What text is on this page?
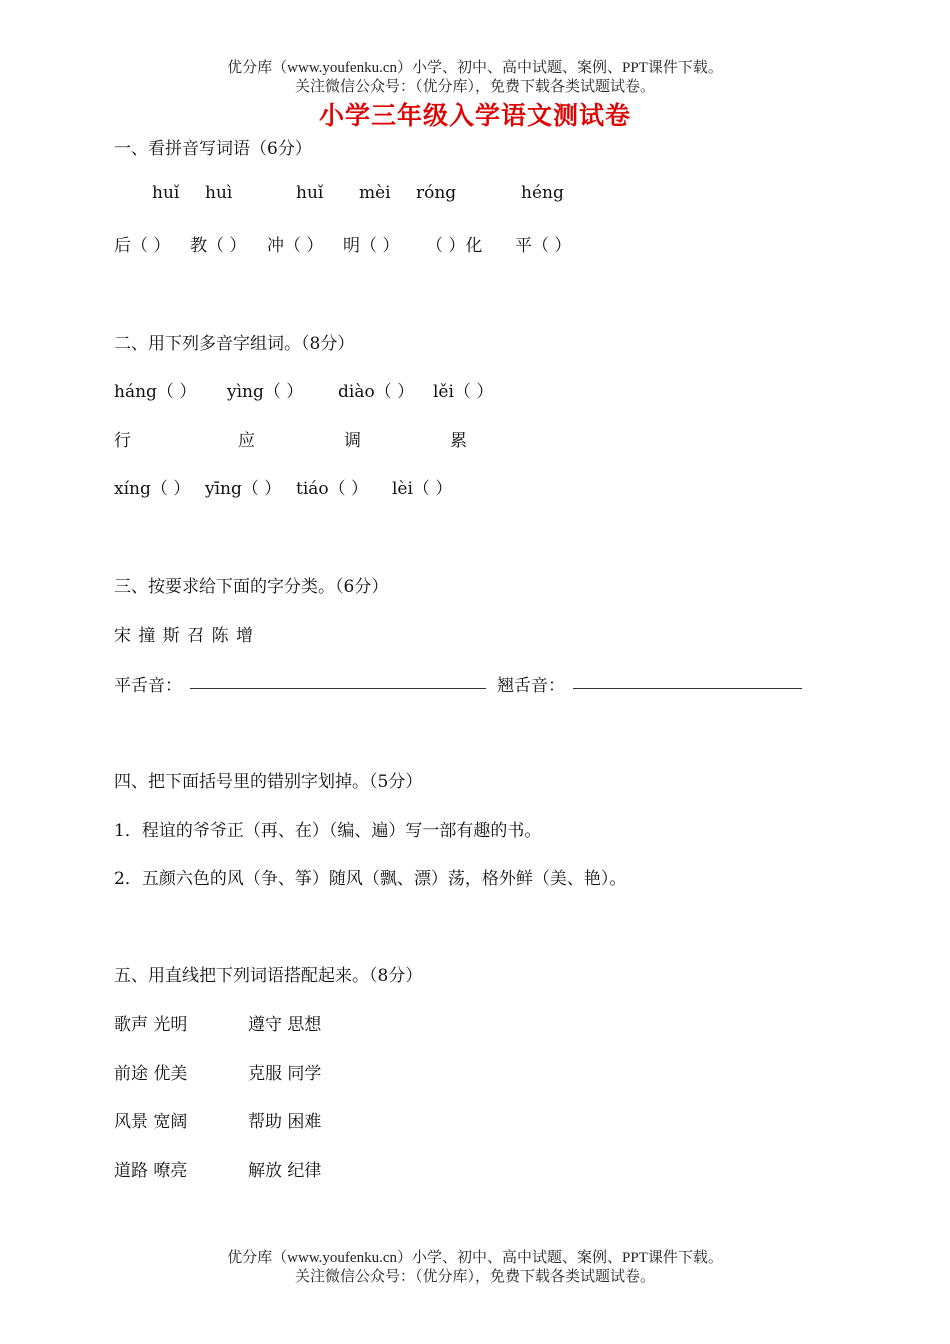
优分库（www.youfenku.cn）小学、初中、高中试题、案例、PPT课件下载。
关注微信公众号：（优分库），免费下载各类试题试卷。
小学三年级入学语文测试卷
一、看拼音写词语（6分）
huǐ huì	huǐ mèi róng	héng
后（ ） 教（ ） 冲（ ） 明（ ） （ ）化 平（ ）
二、用下列多音字组词。（8分）
háng（ ） yìng（ ） diào（ ） lěi（ ）
行	应	调	累
xíng（ ） yīng（ ） tiáo（ ） lèi（ ）
三、按要求给下面的字分类。（6分）
宋 撞 斯 召 陈 增
平舌音：	翘舌音：
四、把下面括号里的错别字划掉。（5分）
1．程谊的爷爷正（再、在）（编、遍）写一部有趣的书。
2．五颜六色的风（争、筝）随风（飘、漂）荡，格外鲜（美、艳）。
五、用直线把下列词语搭配起来。（8分）
歌声 光明	遵守 思想
前途 优美	克服 同学
风景 宽阔	帮助 困难
道路 嘹亮	解放 纪律
优分库（www.youfenku.cn）小学、初中、高中试题、案例、PPT课件下载。
关注微信公众号：（优分库），免费下载各类试题试卷。
